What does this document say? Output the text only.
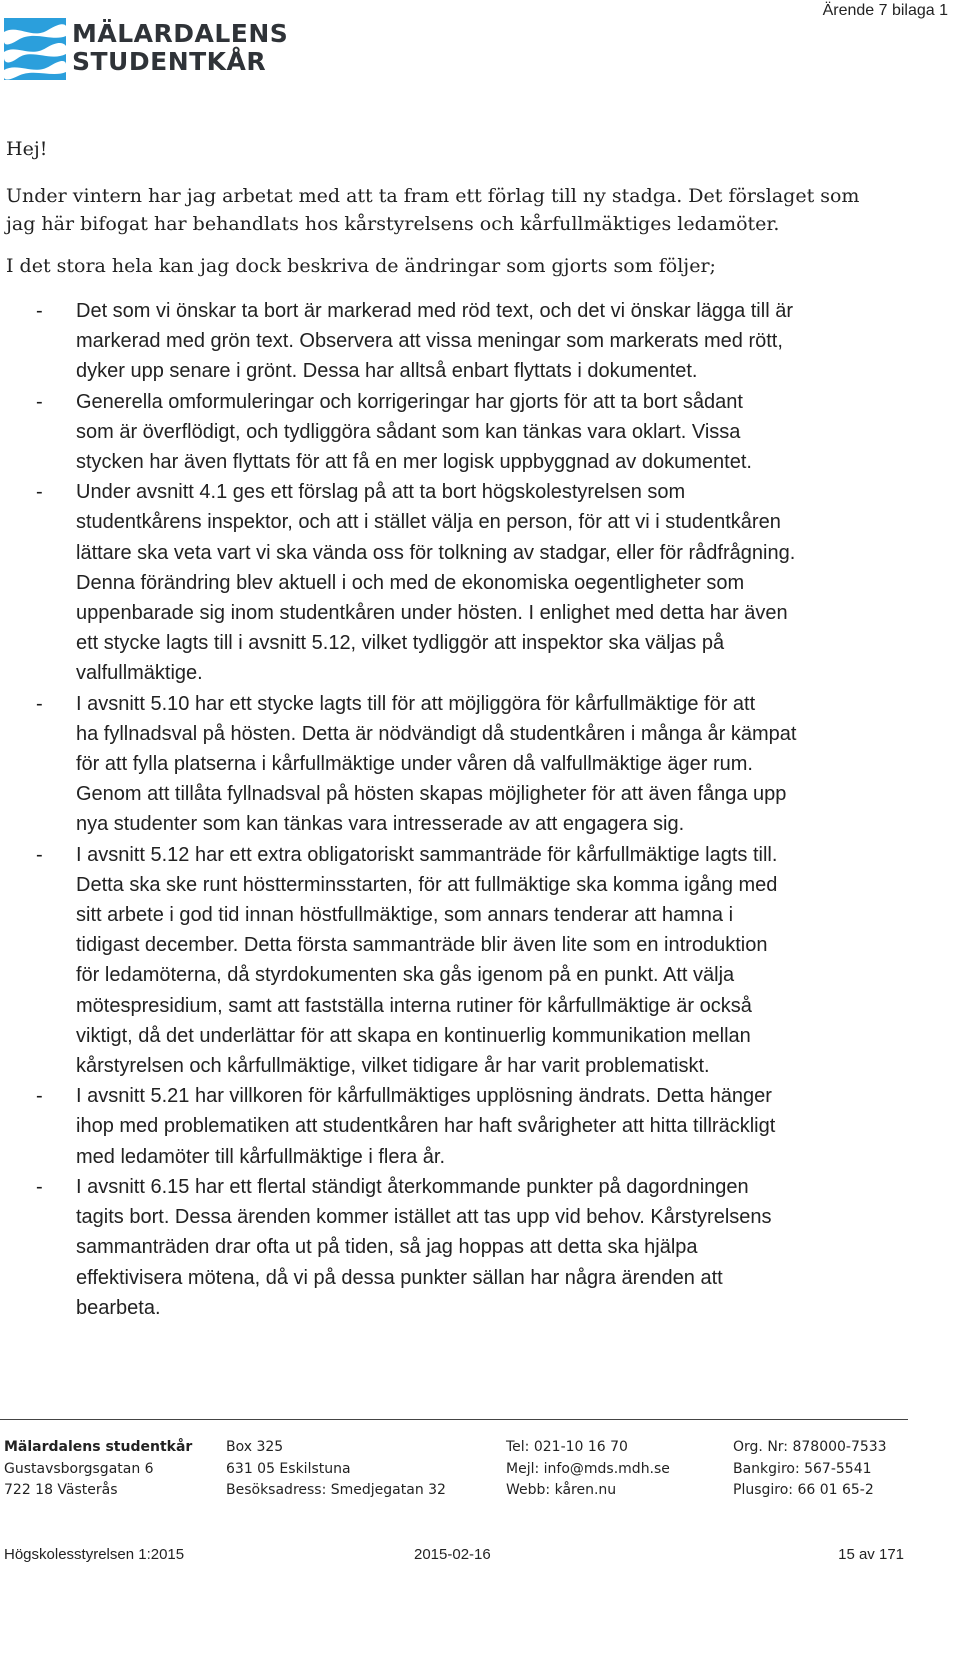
Ärende 7 bilaga 1
MÄLARDALENS
STUDENTKÅR
Hej!
Under vintern har jag arbetat med att ta fram ett förlag till ny stadga. Det förslaget som
jag här bifogat har behandlats hos kårstyrelsens och kårfullmäktiges ledamöter.
I det stora hela kan jag dock beskriva de ändringar som gjorts som följer;
- Det som vi önskar ta bort är markerad med röd text, och det vi önskar lägga till är
markerad med grön text. Observera att vissa meningar som markerats med rött,
dyker upp senare i grönt. Dessa har alltså enbart flyttats i dokumentet.
- Generella omformuleringar och korrigeringar har gjorts för att ta bort sådant
som är överflödigt, och tydliggöra sådant som kan tänkas vara oklart. Vissa
stycken har även flyttats för att få en mer logisk uppbyggnad av dokumentet.
- Under avsnitt 4.1 ges ett förslag på att ta bort högskolestyrelsen som
studentkårens inspektor, och att i stället välja en person, för att vi i studentkåren
lättare ska veta vart vi ska vända oss för tolkning av stadgar, eller för rådfrågning.
Denna förändring blev aktuell i och med de ekonomiska oegentligheter som
uppenbarade sig inom studentkåren under hösten. I enlighet med detta har även
ett stycke lagts till i avsnitt 5.12, vilket tydliggör att inspektor ska väljas på
valfullmäktige.
- I avsnitt 5.10 har ett stycke lagts till för att möjliggöra för kårfullmäktige för att
ha fyllnadsval på hösten. Detta är nödvändigt då studentkåren i många år kämpat
för att fylla platserna i kårfullmäktige under våren då valfullmäktige äger rum.
Genom att tillåta fyllnadsval på hösten skapas möjligheter för att även fånga upp
nya studenter som kan tänkas vara intresserade av att engagera sig.
- I avsnitt 5.12 har ett extra obligatoriskt sammanträde för kårfullmäktige lagts till.
Detta ska ske runt höstterminsstarten, för att fullmäktige ska komma igång med
sitt arbete i god tid innan höstfullmäktige, som annars tenderar att hamna i
tidigast december. Detta första sammanträde blir även lite som en introduktion
för ledamöterna, då styrdokumenten ska gås igenom på en punkt. Att välja
mötespresidium, samt att fastställa interna rutiner för kårfullmäktige är också
viktigt, då det underlättar för att skapa en kontinuerlig kommunikation mellan
kårstyrelsen och kårfullmäktige, vilket tidigare år har varit problematiskt.
- I avsnitt 5.21 har villkoren för kårfullmäktiges upplösning ändrats. Detta hänger
ihop med problematiken att studentkåren har haft svårigheter att hitta tillräckligt
med ledamöter till kårfullmäktige i flera år.
- I avsnitt 6.15 har ett flertal ständigt återkommande punkter på dagordningen
tagits bort. Dessa ärenden kommer istället att tas upp vid behov. Kårstyrelsens
sammanträden drar ofta ut på tiden, så jag hoppas att detta ska hjälpa
effektivisera mötena, då vi på dessa punkter sällan har några ärenden att
bearbeta.
Mälardalens studentkår
Gustavsborgsgatan 6
722 18 Västerås
Box 325
631 05 Eskilstuna
Besöksadress: Smedjegatan 32
Tel: 021-10 16 70
Mejl: info@mds.mdh.se
Webb: kåren.nu
Org. Nr: 878000-7533
Bankgiro: 567-5541
Plusgiro: 66 01 65-2
Högskolesstyrelsen 1:2015	2015-02-16	15 av 171
